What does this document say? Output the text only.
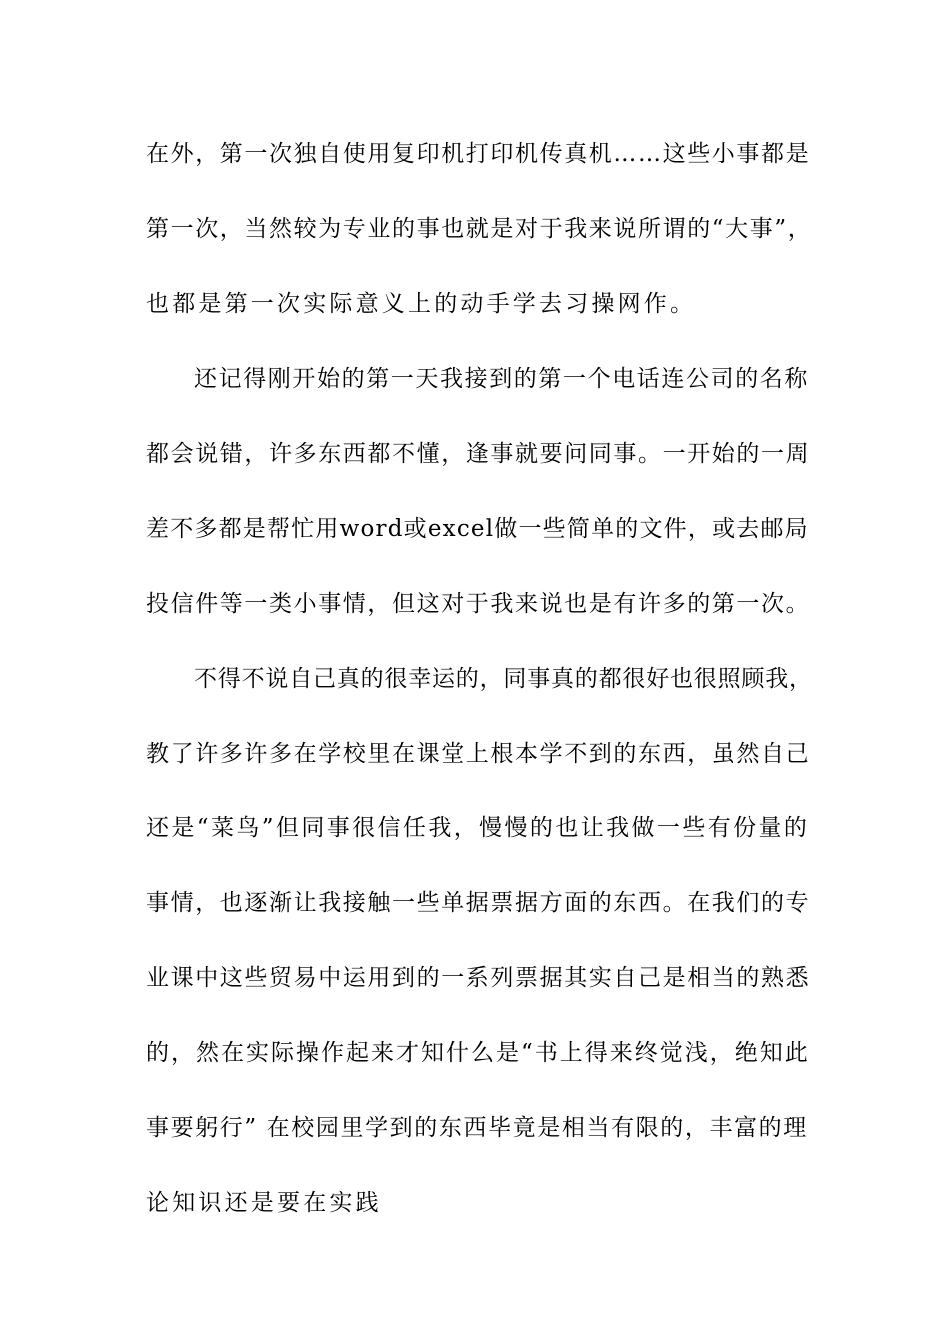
在外，第一次独自使用复印机打印机传真机……这些小事都是
第一次，当然较为专业的事也就是对于我来说所谓的“大事”，
也都是第一次实际意义上的动手学去习操网作。
还记得刚开始的第一天我接到的第一个电话连公司的名称
都会说错，许多东西都不懂，逢事就要问同事。一开始的一周
差不多都是帮忙用word或excel做一些简单的文件，或去邮局
投信件等一类小事情，但这对于我来说也是有许多的第一次。
不得不说自己真的很幸运的，同事真的都很好也很照顾我，
教了许多许多在学校里在课堂上根本学不到的东西，虽然自己
还是“菜鸟”但同事很信任我，慢慢的也让我做一些有份量的
事情，也逐渐让我接触一些单据票据方面的东西。在我们的专
业课中这些贸易中运用到的一系列票据其实自己是相当的熟悉
的，然在实际操作起来才知什么是“书上得来终觉浅，绝知此
事要躬行” 在校园里学到的东西毕竟是相当有限的，丰富的理
论知识还是要在实践
